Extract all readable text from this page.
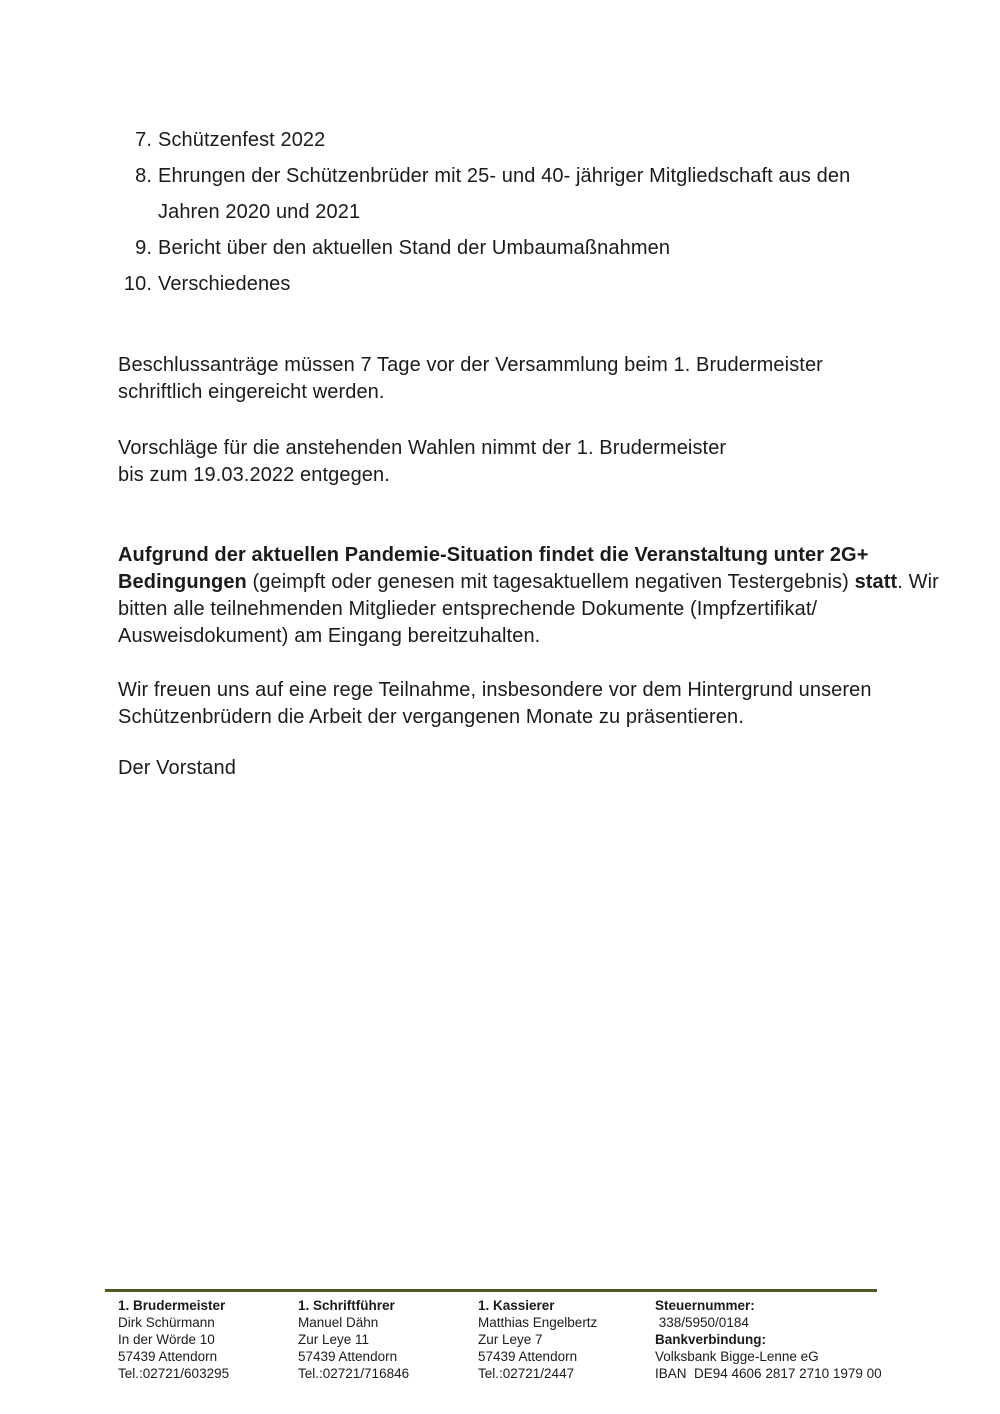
7. Schützenfest 2022
8. Ehrungen der Schützenbrüder mit 25- und 40- jähriger Mitgliedschaft aus den
Jahren 2020 und 2021
9. Bericht über den aktuellen Stand der Umbaumaßnahmen
10. Verschiedenes
Beschlussanträge müssen 7 Tage vor der Versammlung beim 1. Brudermeister
schriftlich eingereicht werden.
Vorschläge für die anstehenden Wahlen nimmt der 1. Brudermeister
bis zum 19.03.2022 entgegen.
Aufgrund der aktuellen Pandemie-Situation findet die Veranstaltung unter 2G+
Bedingungen (geimpft oder genesen mit tagesaktuellem negativen Testergebnis) statt. Wir
bitten alle teilnehmenden Mitglieder entsprechende Dokumente (Impfzertifikat/
Ausweisdokument) am Eingang bereitzuhalten.
Wir freuen uns auf eine rege Teilnahme, insbesondere vor dem Hintergrund unseren
Schützenbrüdern die Arbeit der vergangenen Monate zu präsentieren.
Der Vorstand
1. Brudermeister
Dirk Schürmann
In der Wörde 10
57439 Attendorn
Tel.:02721/603295
1. Schriftführer
Manuel Dähn
Zur Leye 11
57439 Attendorn
Tel.:02721/716846
1. Kassierer
Matthias Engelbertz
Zur Leye 7
57439 Attendorn
Tel.:02721/2447
Steuernummer:
338/5950/0184
Bankverbindung:
Volksbank Bigge-Lenne eG
IBAN  DE94 4606 2817 2710 1979 00
